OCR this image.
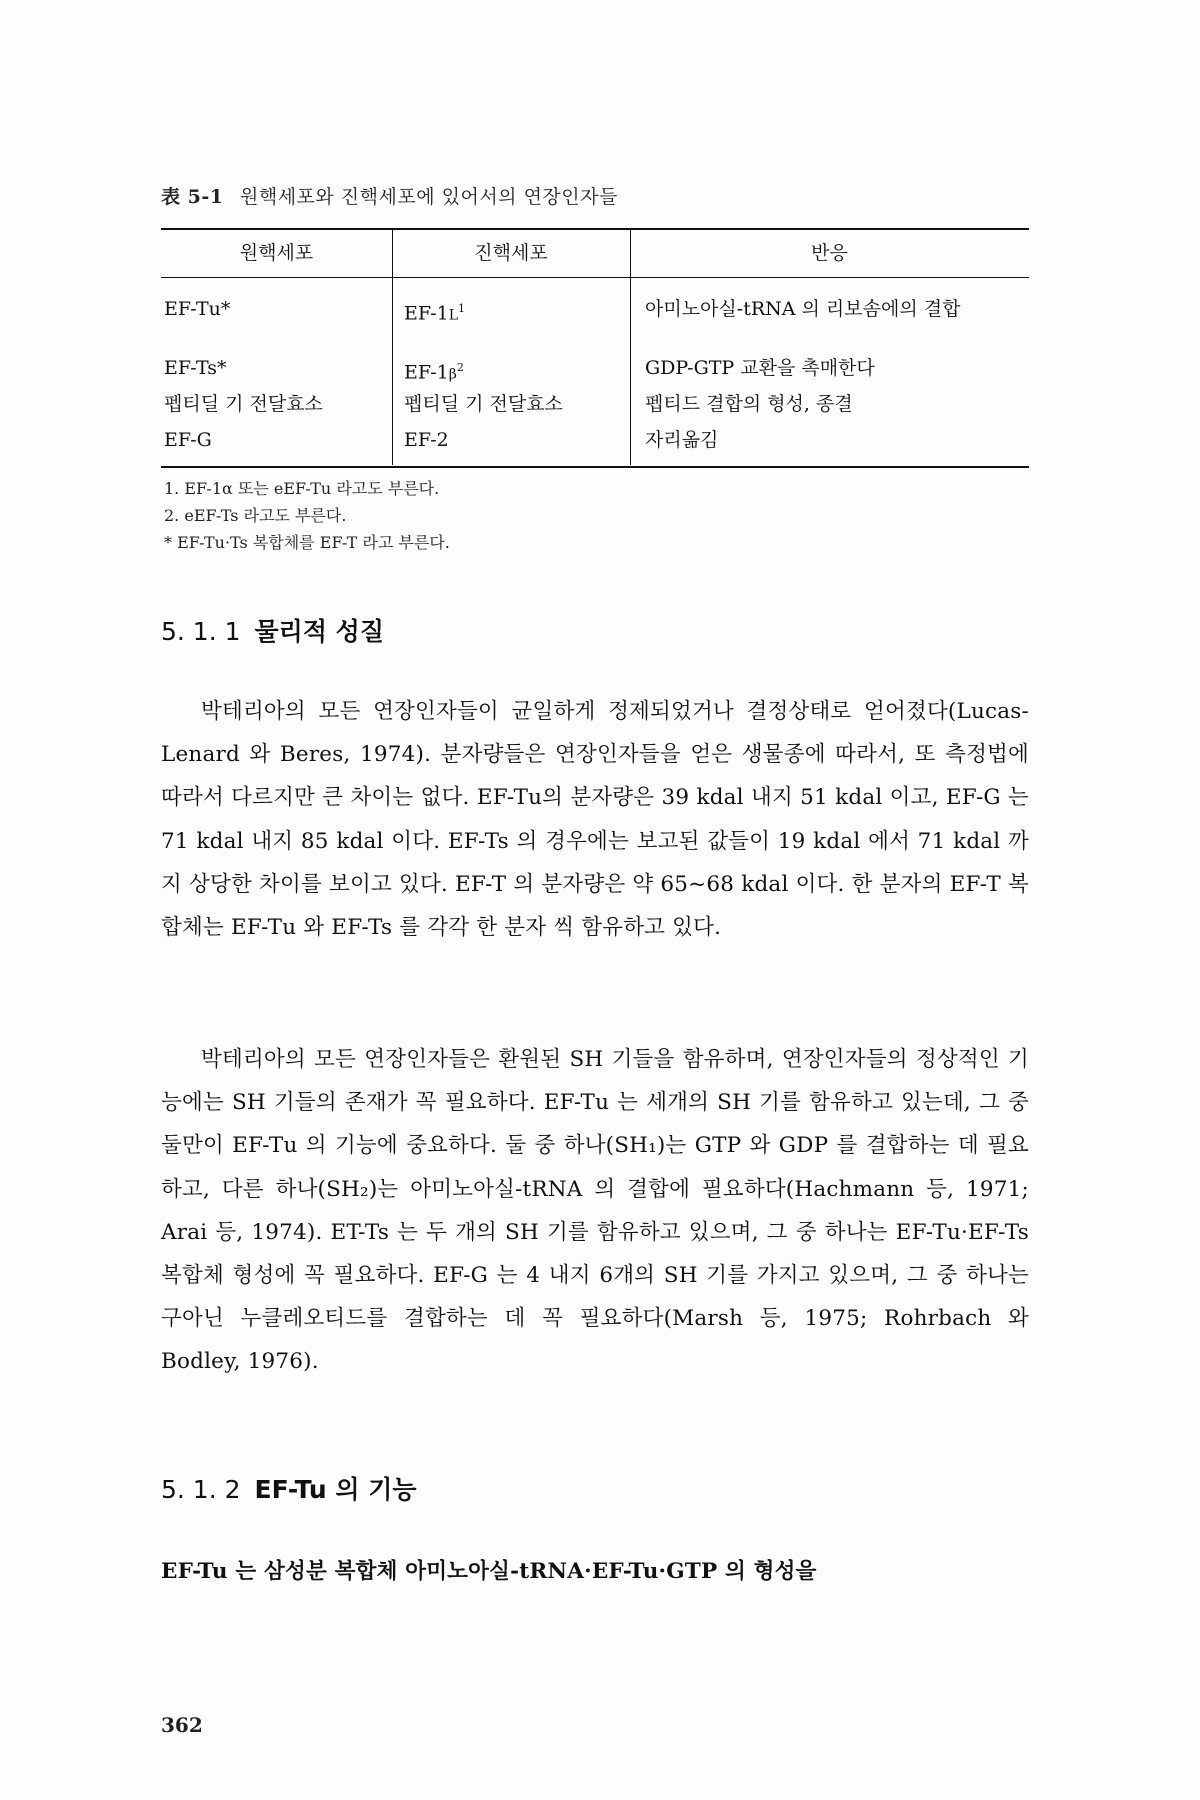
表 5-1 원핵세포와 진핵세포에 있어서의 연장인자들
원핵세포	진핵세포	반응
EF-Tu*	$EF-1L^1$	아미노아실-tRNA 의 리보솜에의 결합
EF-Ts*	$EF-1\beta^2$	GDP-GTP 교환을 촉매한다
펩티딜 기 전달효소	펩티딜 기 전달효소	펩티드 결합의 형성, 종결
EF-G	EF-2	자리옮김
1. EF-1α 또는 eEF-Tu 라고도 부른다.
2. eEF-Ts 라고도 부른다.
* EF-Tu·Ts 복합체를 EF-T 라고 부른다.
5. 1. 1 물리적 성질
박테리아의 모든 연장인자들이 균일하게 정제되었거나 결정상태로 얻어졌다(Lucas-Lenard 와 Beres, 1974). 분자량들은 연장인자들을 얻은 생물종에 따라서, 또 측정법에 따라서 다르지만 큰 차이는 없다. EF-Tu의 분자량은 39 kdal 내지 51 kdal 이고, EF-G 는 71 kdal 내지 85 kdal 이다. EF-Ts 의 경우에는 보고된 값들이 19 kdal 에서 71 kdal 까지 상당한 차이를 보이고 있다. EF-T 의 분자량은 약 65~68 kdal 이다. 한 분자의 EF-T 복합체는 EF-Tu 와 EF-Ts 를 각각 한 분자 씩 함유하고 있다.
박테리아의 모든 연장인자들은 환원된 SH 기들을 함유하며, 연장인자들의 정상적인 기능에는 SH 기들의 존재가 꼭 필요하다. EF-Tu 는 세개의 SH 기를 함유하고 있는데, 그 중 둘만이 EF-Tu 의 기능에 중요하다. 둘 중 하나(SH₁)는 GTP 와 GDP 를 결합하는 데 필요하고, 다른 하나(SH₂)는 아미노아실-tRNA 의 결합에 필요하다(Hachmann 등, 1971; Arai 등, 1974). ET-Ts 는 두 개의 SH 기를 함유하고 있으며, 그 중 하나는 EF-Tu·EF-Ts 복합체 형성에 꼭 필요하다. EF-G 는 4 내지 6개의 SH 기를 가지고 있으며, 그 중 하나는 구아닌 누클레오티드를 결합하는 데 꼭 필요하다(Marsh 등, 1975; Rohrbach 와 Bodley, 1976).
5. 1. 2 EF-Tu 의 기능
EF-Tu 는 삼성분 복합체 아미노아실-tRNA·EF-Tu·GTP 의 형성을
362
